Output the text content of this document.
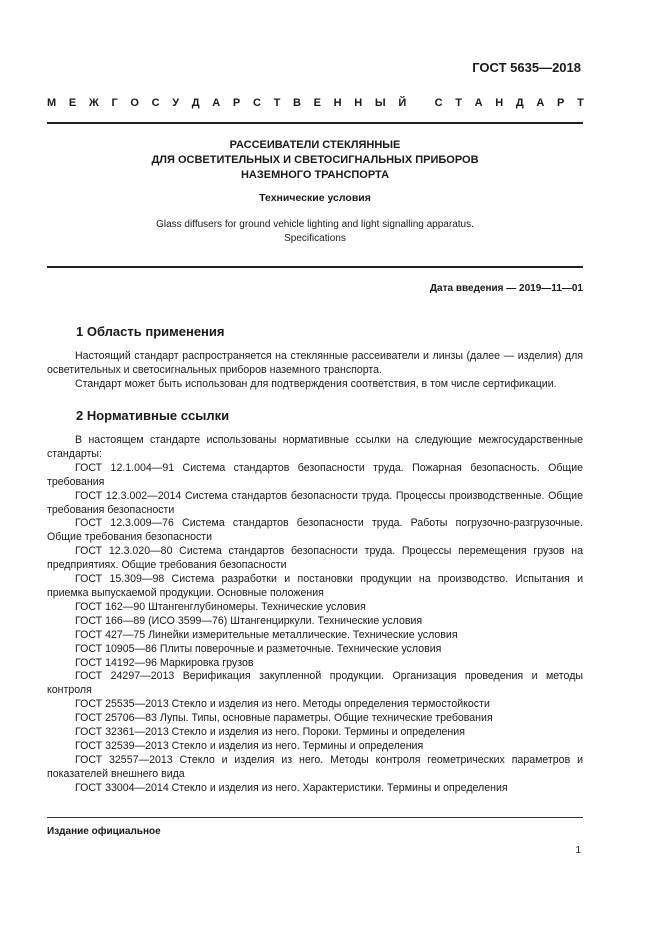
ГОСТ 5635—2018
М Е Ж Г О С У Д А Р С Т В Е Н Н Ы Й
	С Т А Н Д А Р Т
РАССЕИВАТЕЛИ СТЕКЛЯННЫЕ
ДЛЯ ОСВЕТИТЕЛЬНЫХ И СВЕТОСИГНАЛЬНЫХ ПРИБОРОВ
НАЗЕМНОГО ТРАНСПОРТА
Технические условия
Glass diffusers for ground vehicle lighting and light signalling apparatus.
Specifications
Дата введения — 2019—11—01
1 Область применения

Настоящий стандарт распространяется на стеклянные рассеиватели и линзы (далее — изделия) для осветительных и светосигнальных приборов наземного транспорта.

Стандарт может быть использован для подтверждения соответствия, в том числе сертификации.

2 Нормативные ссылки

В настоящем стандарте использованы нормативные ссылки на следующие межгосударственные стандарты:

ГОСТ 12.1.004—91 Система стандартов безопасности труда. Пожарная безопасность. Общие требования

ГОСТ 12.3.002—2014 Система стандартов безопасности труда. Процессы производственные. Общие требования безопасности

ГОСТ 12.3.009—76 Система стандартов безопасности труда. Работы погрузочно-разгрузочные. Общие требования безопасности

ГОСТ 12.3.020—80 Система стандартов безопасности труда. Процессы перемещения грузов на предприятиях. Общие требования безопасности

ГОСТ 15.309—98 Система разработки и постановки продукции на производство. Испытания и приемка выпускаемой продукции. Основные положения

ГОСТ 162—90 Штангенглубиномеры. Технические условия

ГОСТ 166—89 (ИСО 3599—76) Штангенциркули. Технические условия

ГОСТ 427—75 Линейки измерительные металлические. Технические условия

ГОСТ 10905—86 Плиты поверочные и разметочные. Технические условия

ГОСТ 14192—96 Маркировка грузов

ГОСТ 24297—2013 Верификация закупленной продукции. Организация проведения и методы контроля

ГОСТ 25535—2013 Стекло и изделия из него. Методы определения термостойкости

ГОСТ 25706—83 Лупы. Типы, основные параметры. Общие технические требования

ГОСТ 32361—2013 Стекло и изделия из него. Пороки. Термины и определения

ГОСТ 32539—2013 Стекло и изделия из него. Термины и определения

ГОСТ 32557—2013 Стекло и изделия из него. Методы контроля геометрических параметров и показателей внешнего вида

ГОСТ 33004—2014 Стекло и изделия из него. Характеристики. Термины и определения

Издание официальное
1
